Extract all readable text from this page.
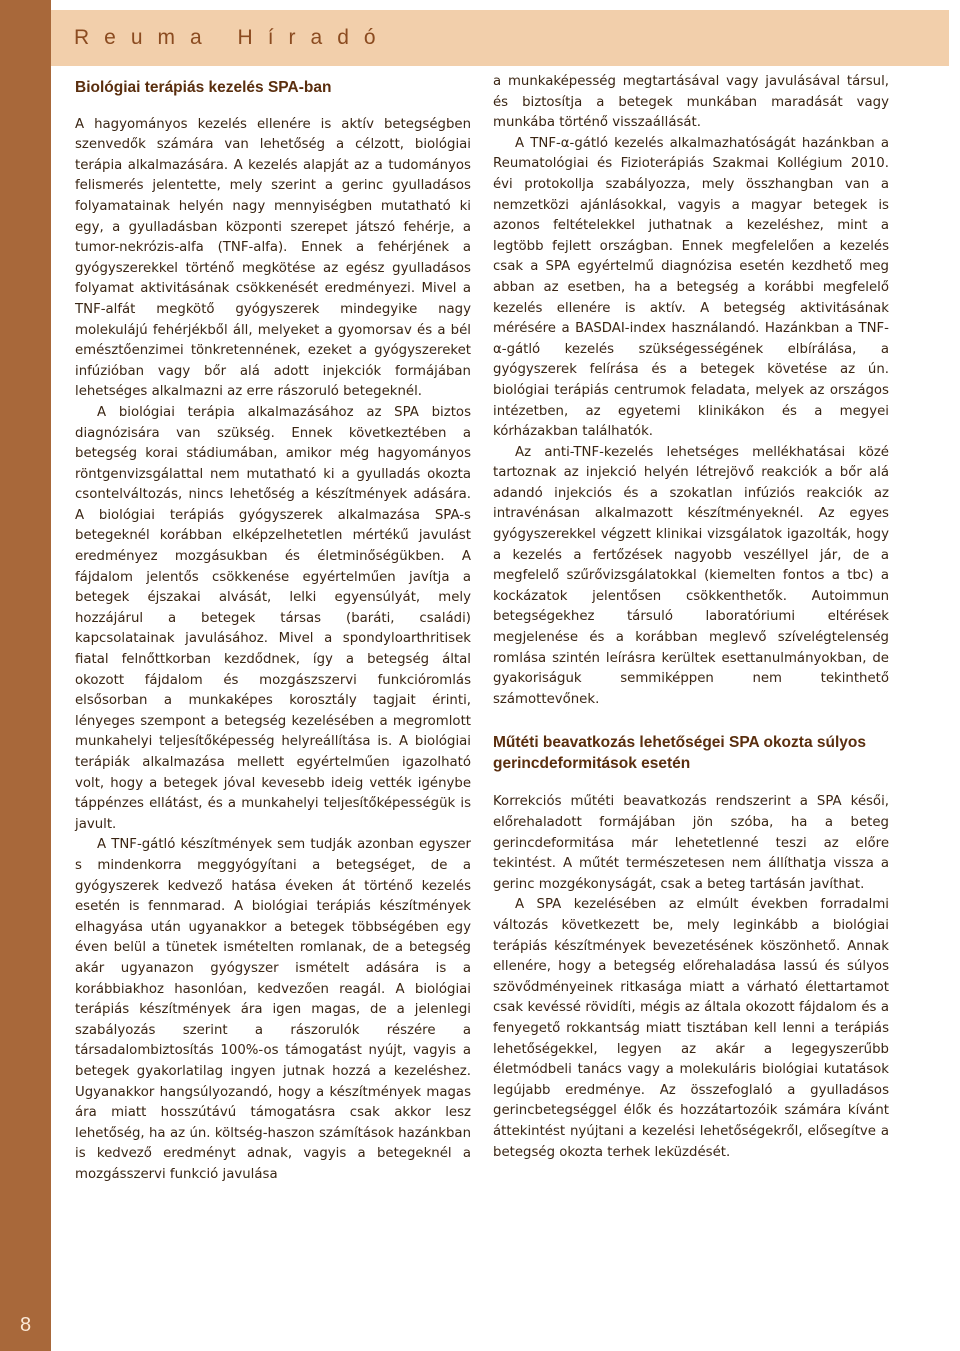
8
Reuma Híradó
Biológiai terápiás kezelés SPA-ban

A hagyományos kezelés ellenére is aktív betegségben szenvedők számára van lehetőség a célzott, biológiai terápia alkalmazására. A kezelés alapját az a tudományos felismerés jelentette, mely szerint a gerinc gyulladásos folyamatainak helyén nagy mennyiségben mutatható ki egy, a gyulladásban központi szerepet játszó fehérje, a tumor-nekrózis-alfa (TNF-alfa). Ennek a fehérjének a gyógyszerekkel történő megkötése az egész gyulladásos folyamat aktivitásának csökkenését eredményezi. Mivel a TNF-alfát megkötő gyógyszerek mindegyike nagy molekulájú fehérjékből áll, melyeket a gyomorsav és a bél emésztőenzimei tönkretennének, ezeket a gyógyszereket infúzióban vagy bőr alá adott injekciók formájában lehetséges alkalmazni az erre rászoruló betegeknél.

A biológiai terápia alkalmazásához az SPA biztos diagnózisára van szükség. Ennek következtében a betegség korai stádiumában, amikor még hagyományos röntgenvizsgálattal nem mutatható ki a gyulladás okozta csontelváltozás, nincs lehetőség a készítmények adására. A biológiai terápiás gyógyszerek alkalmazása SPA-s betegeknél korábban elképzelhetetlen mértékű javulást eredményez mozgásukban és életminőségükben. A fájdalom jelentős csökkenése egyértelműen javítja a betegek éjszakai alvását, lelki egyensúlyát, mely hozzájárul a betegek társas (baráti, családi) kapcsolatainak javulásához. Mivel a spondyloarthritisek fiatal felnőttkorban kezdődnek, így a betegség által okozott fájdalom és mozgászszervi funkcióromlás elsősorban a munkaképes korosztály tagjait érinti, lényeges szempont a betegség kezelésében a megromlott munkahelyi teljesítőképesség helyreállítása is. A biológiai terápiák alkalmazása mellett egyértelműen igazolható volt, hogy a betegek jóval kevesebb ideig vették igénybe táppénzes ellátást, és a munkahelyi teljesítőképességük is javult.

A TNF-gátló készítmények sem tudják azonban egyszer s mindenkorra meggyógyítani a betegséget, de a gyógyszerek kedvező hatása éveken át történő kezelés esetén is fennmarad. A biológiai terápiás készítmények elhagyása után ugyanakkor a betegek többségében egy éven belül a tünetek ismételten romlanak, de a betegség akár ugyanazon gyógyszer ismételt adására is a korábbiakhoz hasonlóan, kedvezően reagál. A biológiai terápiás készítmények ára igen magas, de a jelenlegi szabályozás szerint a rászorulók részére a társadalombiztosítás 100%-os támogatást nyújt, vagyis a betegek gyakorlatilag ingyen jutnak hozzá a kezeléshez. Ugyanakkor hangsúlyozandó, hogy a készítmények magas ára miatt hosszútávú támogatásra csak akkor lesz lehetőség, ha az ún. költség-haszon számítások hazánkban is kedvező eredményt adnak, vagyis a betegeknél a mozgásszervi funkció javulása

a munkaképesség megtartásával vagy javulásával társul, és biztosítja a betegek munkában maradását vagy munkába történő visszaállását.

A TNF-α-gátló kezelés alkalmazhatóságát hazánkban a Reumatológiai és Fizioterápiás Szakmai Kollégium 2010. évi protokollja szabályozza, mely összhangban van a nemzetközi ajánlásokkal, vagyis a magyar betegek is azonos feltételekkel juthatnak a kezeléshez, mint a legtöbb fejlett országban. Ennek megfelelően a kezelés csak a SPA egyértelmű diagnózisa esetén kezdhető meg abban az esetben, ha a betegség a korábbi megfelelő kezelés ellenére is aktív. A betegség aktivitásának mérésére a BASDAI-index használandó. Hazánkban a TNF-α-gátló kezelés szükségességének elbírálása, a gyógyszerek felírása és a betegek követése az ún. biológiai terápiás centrumok feladata, melyek az országos intézetben, az egyetemi klinikákon és a megyei kórházakban találhatók.

Az anti-TNF-kezelés lehetséges mellékhatásai közé tartoznak az injekció helyén létrejövő reakciók a bőr alá adandó injekciós és a szokatlan infúziós reakciók az intravénásan alkalmazott készítményeknél. Az egyes gyógyszerekkel végzett klinikai vizsgálatok igazolták, hogy a kezelés a fertőzések nagyobb veszéllyel jár, de a megfelelő szűrővizsgálatokkal (kiemelten fontos a tbc) a kockázatok jelentősen csökkenthetők. Autoimmun betegségekhez társuló laboratóriumi eltérések megjelenése és a korábban meglevő szívelégtelenség romlása szintén leírásra kerültek esettanulmányokban, de gyakoriságuk semmiképpen nem tekinthető számottevőnek.

Műtéti beavatkozás lehetőségei SPA okozta súlyos gerincdeformitások esetén

Korrekciós műtéti beavatkozás rendszerint a SPA késői, előrehaladott formájában jön szóba, ha a beteg gerincdeformitása már lehetetlenné teszi az előre tekintést. A műtét természetesen nem állíthatja vissza a gerinc mozgékonyságát, csak a beteg tartásán javíthat.

A SPA kezelésében az elmúlt években forradalmi változás következett be, mely leginkább a biológiai terápiás készítmények bevezetésének köszönhető. Annak ellenére, hogy a betegség előrehaladása lassú és súlyos szövődményeinek ritkasága miatt a várható élettartamot csak kevéssé rövidíti, mégis az általa okozott fájdalom és a fenyegető rokkantság miatt tisztában kell lenni a terápiás lehetőségekkel, legyen az akár a legegyszerűbb életmódbeli tanács vagy a molekuláris biológiai kutatások legújabb eredménye. Az összefoglaló a gyulladásos gerincbetegséggel élők és hozzátartozóik számára kívánt áttekintést nyújtani a kezelési lehetőségekről, elősegítve a betegség okozta terhek leküzdését.
